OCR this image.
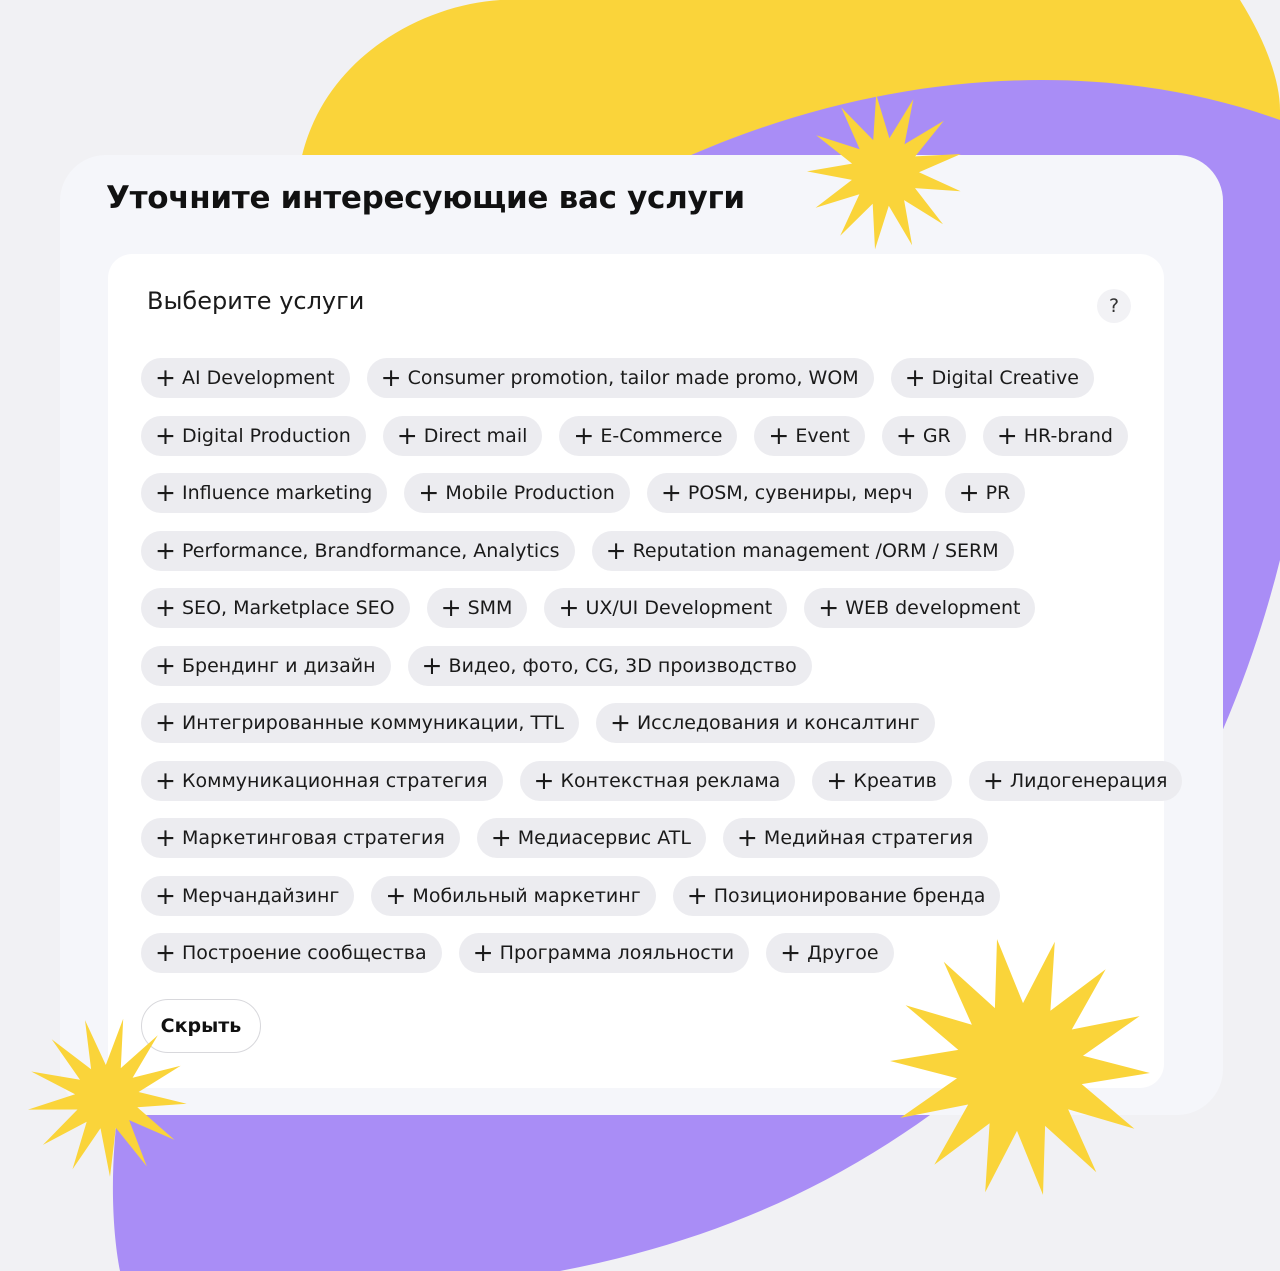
Уточните интересующие вас услуги
Выберите услуги	?
+ AI Development + Consumer promotion, tailor made promo, WOM + Digital Creative
+ Digital Production + Direct mail + E-Commerce + Event + GR + HR-brand
+ Influence marketing + Mobile Production + POSM, сувениры, мерч + PR
+ Performance, Brandformance, Analytics + Reputation management /ORM / SERM
+ SEO, Marketplace SEO + SMM + UX/UI Development + WEB development
+ Брендинг и дизайн + Видео, фото, CG, 3D производство
+ Интегрированные коммуникации, TTL + Исследования и консалтинг
+ Коммуникационная стратегия + Контекстная реклама + Креатив + Лидогенерация
+ Маркетинговая стратегия + Медиасервис ATL + Медийная стратегия
+ Мерчандайзинг + Мобильный маркетинг + Позиционирование бренда
+ Построение сообщества + Программа лояльности + Другое
Скрыть
